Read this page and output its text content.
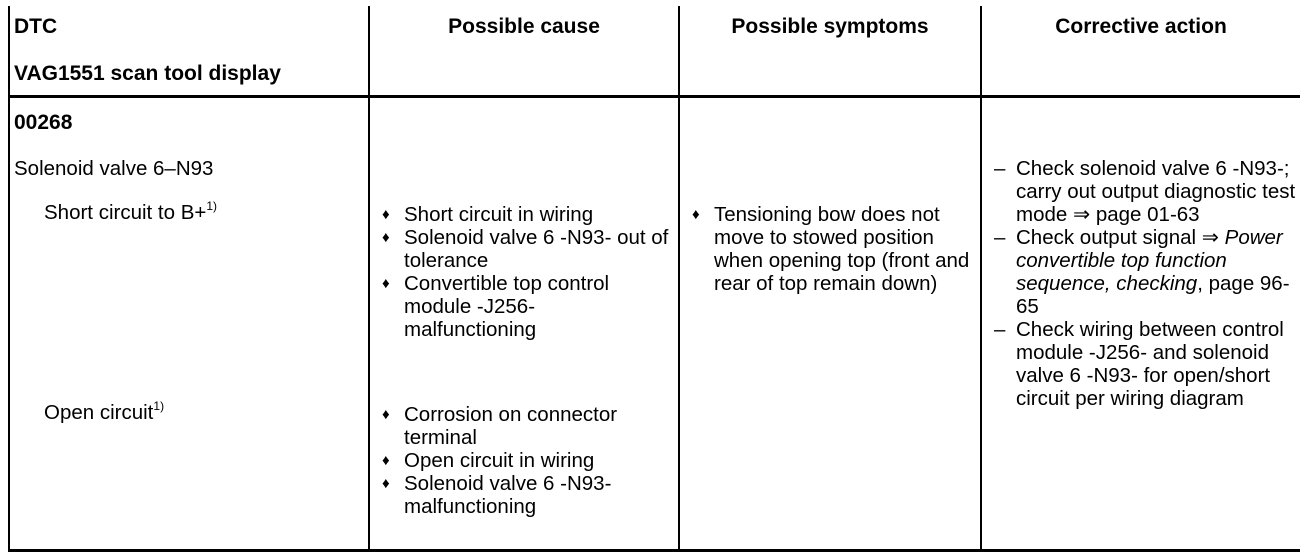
DTC
VAG1551 scan tool display
Possible cause	Possible symptoms	Corrective action
00268
Solenoid valve 6–N93
Short circuit to B+$^{1)}$
Open circuit$^{1)}$
♦ Short circuit in wiring
♦ Solenoid valve 6 -N93- out of tolerance
♦ Convertible top control module -J256- malfunctioning
♦ Corrosion on connector terminal
♦ Open circuit in wiring
♦ Solenoid valve 6 -N93- malfunctioning
♦ Tensioning bow does not move to stowed position when opening top (front and rear of top remain down)
– Check solenoid valve 6 -N93-; carry out output diagnostic test mode ⇒ page 01-63
– Check output signal ⇒ Power convertible top function sequence, checking, page 96-65
– Check wiring between control module -J256- and solenoid valve 6 -N93- for open/short circuit per wiring diagram
